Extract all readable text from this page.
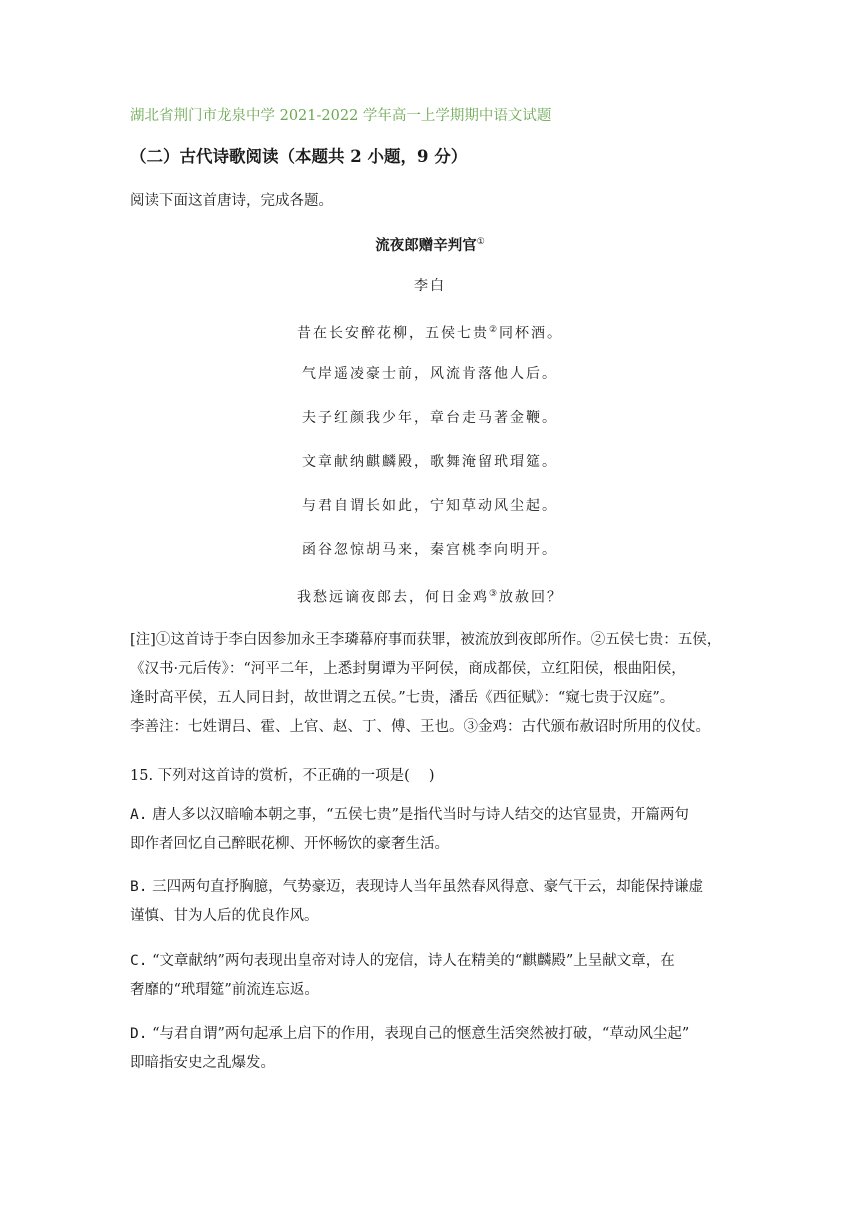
湖北省荆门市龙泉中学 2021-2022 学年高一上学期期中语文试题
（二）古代诗歌阅读（本题共 2 小题，9 分）
阅读下面这首唐诗，完成各题。
流夜郎赠辛判官①
李白
昔在长安醉花柳，五侯七贵②同杯酒。
气岸遥凌豪士前，风流肯落他人后。
夫子红颜我少年，章台走马著金鞭。
文章献纳麒麟殿，歌舞淹留玳瑁筵。
与君自谓长如此，宁知草动风尘起。
函谷忽惊胡马来，秦宫桃李向明开。
我愁远谪夜郎去，何日金鸡③放赦回？

[注]①这首诗于李白因参加永王李璘幕府事而获罪，被流放到夜郎所作。②五侯七贵：五侯，

《汉书·元后传》：“河平二年，上悉封舅谭为平阿侯，商成都侯，立红阳侯，根曲阳侯，

逢时高平侯，五人同日封，故世谓之五侯。”七贵，潘岳《西征赋》：“窥七贵于汉庭”。

李善注：七姓谓吕、霍、上官、赵、丁、傅、王也。③金鸡：古代颁布赦诏时所用的仪仗。

15. 下列对这首诗的赏析，不正确的一项是(　 )

A. 唐人多以汉暗喻本朝之事，“五侯七贵”是指代当时与诗人结交的达官显贵，开篇两句

即作者回忆自己醉眠花柳、开怀畅饮的豪奢生活。

B. 三四两句直抒胸臆，气势豪迈，表现诗人当年虽然春风得意、豪气干云，却能保持谦虚

谨慎、甘为人后的优良作风。

C. “文章献纳”两句表现出皇帝对诗人的宠信，诗人在精美的“麒麟殿”上呈献文章，在

奢靡的“玳瑁筵”前流连忘返。

D. “与君自谓”两句起承上启下的作用，表现自己的惬意生活突然被打破，“草动风尘起”

即暗指安史之乱爆发。
